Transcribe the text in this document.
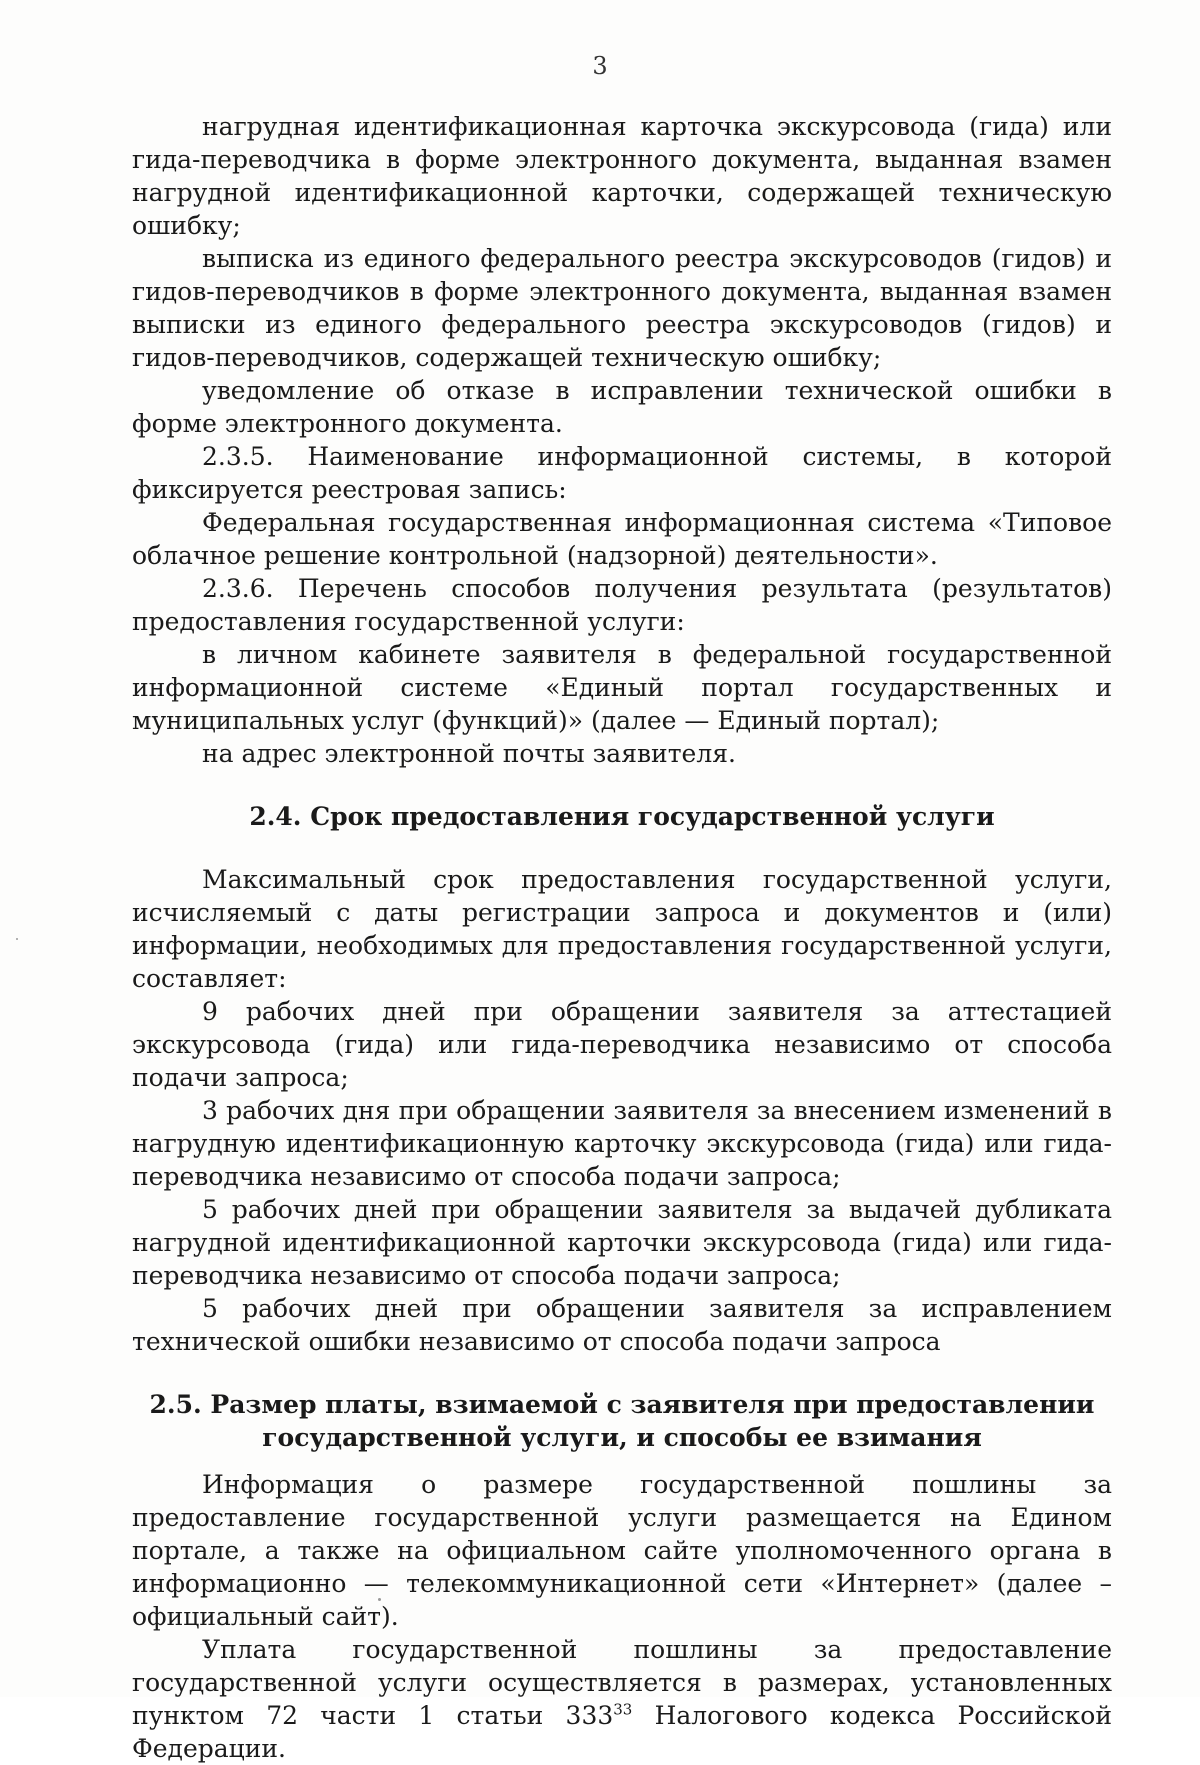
3

нагрудная идентификационная карточка экскурсовода (гида) или гида-переводчика в форме электронного документа, выданная взамен нагрудной идентификационной карточки, содержащей техническую ошибку;

выписка из единого федерального реестра экскурсоводов (гидов) и гидов-переводчиков в форме электронного документа, выданная взамен выписки из единого федерального реестра экскурсоводов (гидов) и гидов-переводчиков, содержащей техническую ошибку;

уведомление об отказе в исправлении технической ошибки в форме электронного документа.

2.3.5. Наименование информационной системы, в которой фиксируется реестровая запись:

Федеральная государственная информационная система «Типовое облачное решение контрольной (надзорной) деятельности».

2.3.6. Перечень способов получения результата (результатов) предоставления государственной услуги:

в личном кабинете заявителя в федеральной государственной информационной системе «Единый портал государственных и муниципальных услуг (функций)» (далее — Единый портал);

на адрес электронной почты заявителя.

2.4. Срок предоставления государственной услуги

Максимальный срок предоставления государственной услуги, исчисляемый с даты регистрации запроса и документов и (или) информации, необходимых для предоставления государственной услуги, составляет:

9 рабочих дней при обращении заявителя за аттестацией экскурсовода (гида) или гида-переводчика независимо от способа подачи запроса;

3 рабочих дня при обращении заявителя за внесением изменений в нагрудную идентификационную карточку экскурсовода (гида) или гида-переводчика независимо от способа подачи запроса;

5 рабочих дней при обращении заявителя за выдачей дубликата нагрудной идентификационной карточки экскурсовода (гида) или гида-переводчика независимо от способа подачи запроса;

5 рабочих дней при обращении заявителя за исправлением технической ошибки независимо от способа подачи запроса

2.5. Размер платы, взимаемой с заявителя при предоставлении государственной услуги, и способы ее взимания

Информация о размере государственной пошлины за предоставление государственной услуги размещается на Едином портале, а также на официальном сайте уполномоченного органа в информационно — телекоммуникационной сети «Интернет» (далее – официальный сайт).

Уплата государственной пошлины за предоставление государственной услуги осуществляется в размерах, установленных пунктом 72 части 1 статьи $333^{33}$ Налогового кодекса Российской Федерации.
